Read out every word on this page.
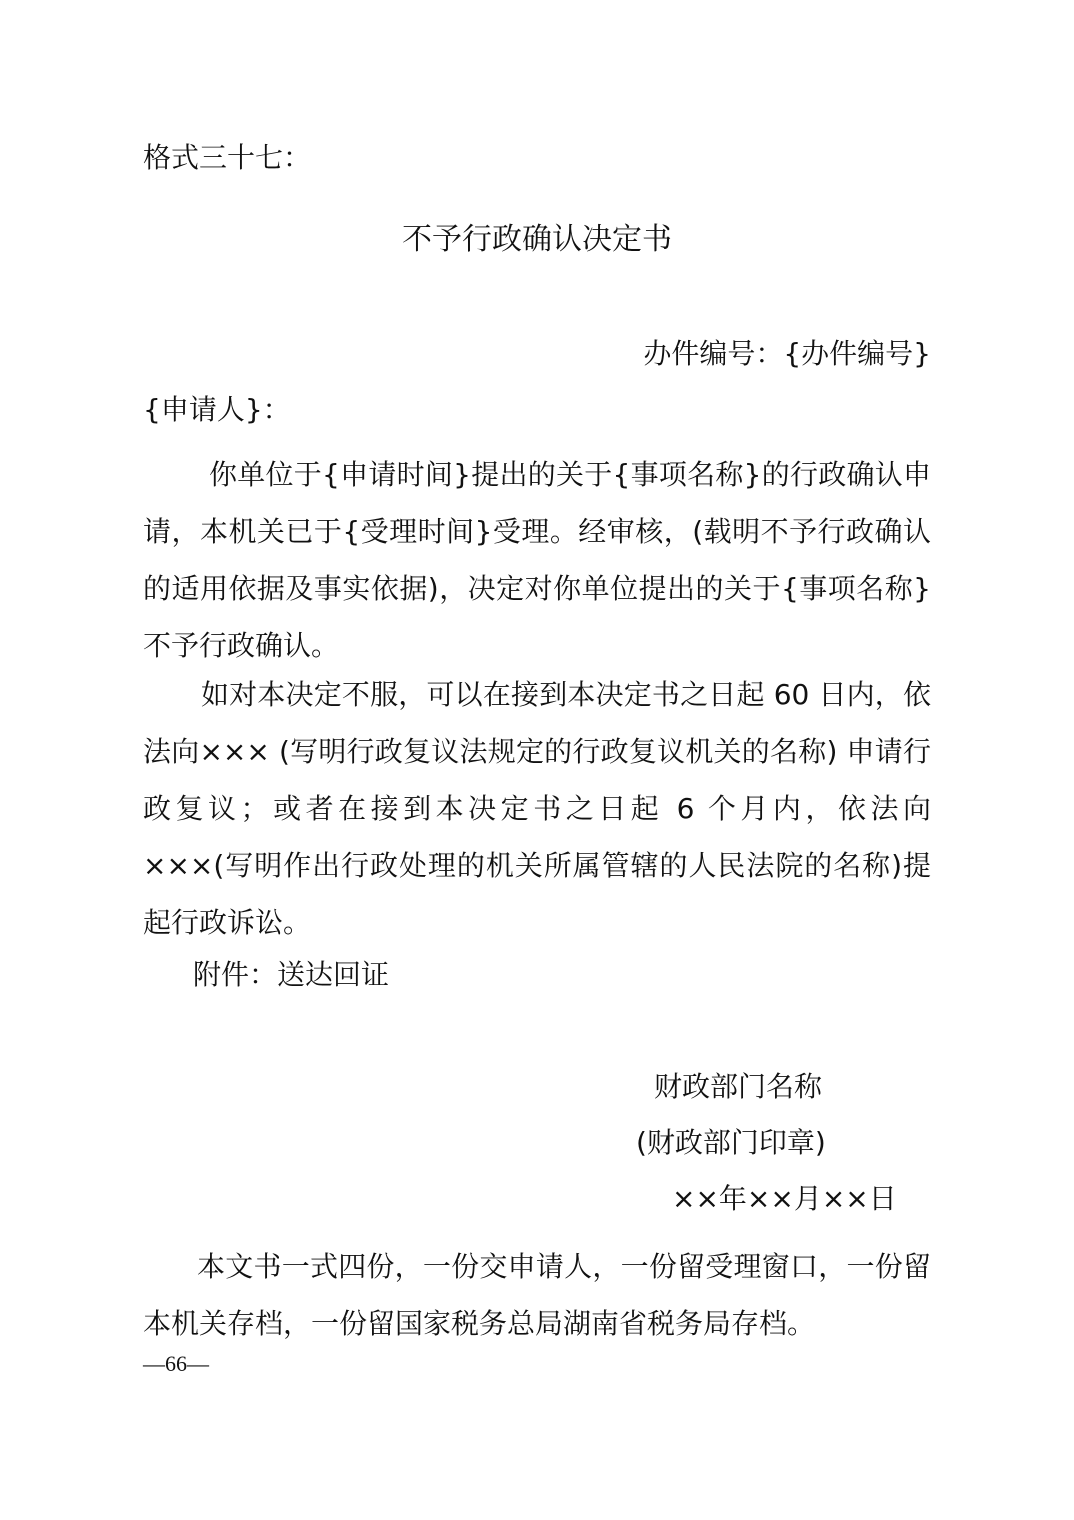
格式三十七：
不予行政确认决定书
办件编号：{办件编号}
{申请人}：
你单位于{申请时间}提出的关于{事项名称}的行政确认申请，本机关已于{受理时间}受理。经审核，(载明不予行政确认的适用依据及事实依据)，决定对你单位提出的关于{事项名称}不予行政确认。
如对本决定不服，可以在接到本决定书之日起 60 日内，依法向××× (写明行政复议法规定的行政复议机关的名称) 申请行政复议；或者在接到本决定书之日起 6 个月内，依法向×××(写明作出行政处理的机关所属管辖的人民法院的名称)提起行政诉讼。
附件：送达回证
财政部门名称
(财政部门印章)
××年××月××日
本文书一式四份，一份交申请人，一份留受理窗口，一份留本机关存档，一份留国家税务总局湖南省税务局存档。
—66—
